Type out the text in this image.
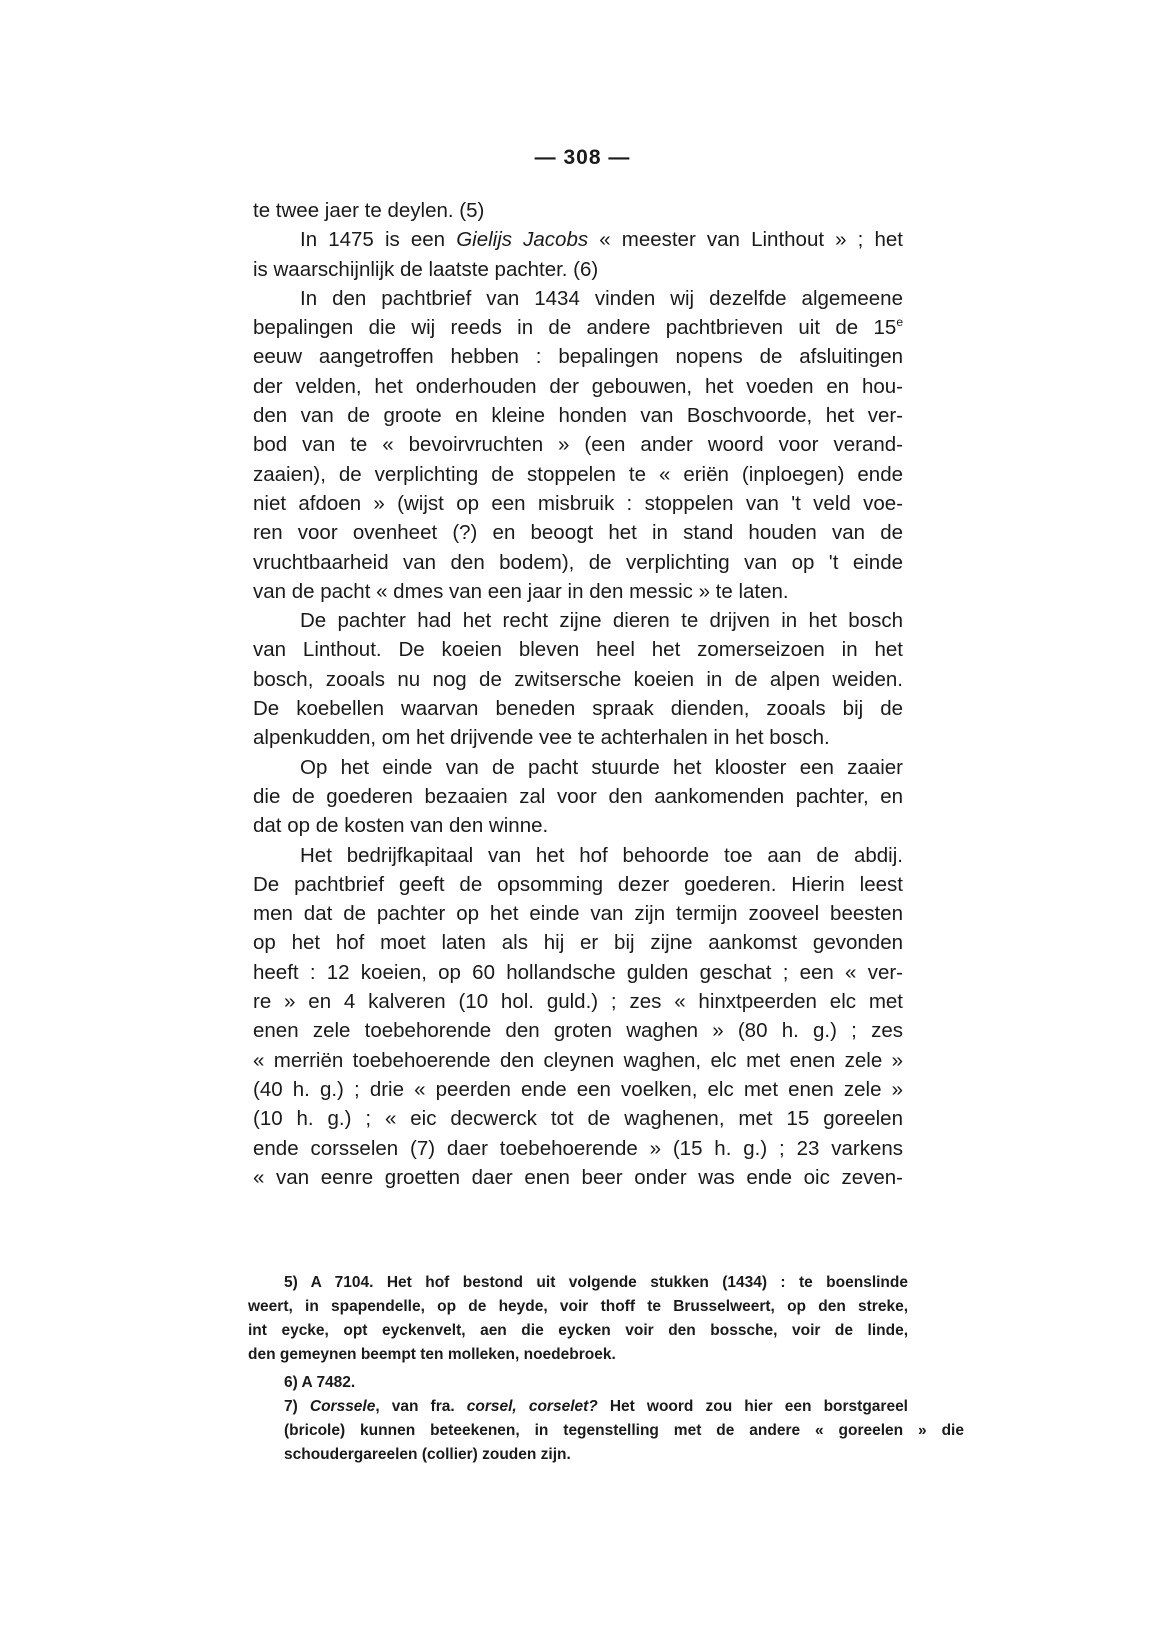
— 308 —
te twee jaer te deylen. (5)
In 1475 is een Gielijs Jacobs « meester van Linthout » ; het
is waarschijnlijk de laatste pachter. (6)
In den pachtbrief van 1434 vinden wij dezelfde algemeene
bepalingen die wij reeds in de andere pachtbrieven uit de 15e
eeuw aangetroffen hebben : bepalingen nopens de afsluitingen
der velden, het onderhouden der gebouwen, het voeden en hou-
den van de groote en kleine honden van Boschvoorde, het ver-
bod van te « bevoirvruchten » (een ander woord voor verand-
zaaien), de verplichting de stoppelen te « eriën (inploegen) ende
niet afdoen » (wijst op een misbruik : stoppelen van 't veld voe-
ren voor ovenheet (?) en beoogt het in stand houden van de
vruchtbaarheid van den bodem), de verplichting van op 't einde
van de pacht « dmes van een jaar in den messic » te laten.
De pachter had het recht zijne dieren te drijven in het bosch
van Linthout. De koeien bleven heel het zomerseizoen in het
bosch, zooals nu nog de zwitsersche koeien in de alpen weiden.
De koebellen waarvan beneden spraak dienden, zooals bij de
alpenkudden, om het drijvende vee te achterhalen in het bosch.
Op het einde van de pacht stuurde het klooster een zaaier
die de goederen bezaaien zal voor den aankomenden pachter, en
dat op de kosten van den winne.
Het bedrijfkapitaal van het hof behoorde toe aan de abdij.
De pachtbrief geeft de opsomming dezer goederen. Hierin leest
men dat de pachter op het einde van zijn termijn zooveel beesten
op het hof moet laten als hij er bij zijne aankomst gevonden
heeft : 12 koeien, op 60 hollandsche gulden geschat ; een « ver-
re » en 4 kalveren (10 hol. guld.) ; zes « hinxtpeerden elc met
enen zele toebehorende den groten waghen » (80 h. g.) ; zes
« merriën toebehoerende den cleynen waghen, elc met enen zele »
(40 h. g.) ; drie « peerden ende een voelken, elc met enen zele »
(10 h. g.) ; « eic decwerck tot de waghenen, met 15 goreelen
ende corsselen (7) daer toebehoerende » (15 h. g.) ; 23 varkens
« van eenre groetten daer enen beer onder was ende oic zeven-
5) A 7104. Het hof bestond uit volgende stukken (1434) : te boenslinde
weert, in spapendelle, op de heyde, voir thoff te Brusselweert, op den streke,
int eycke, opt eyckenvelt, aen die eycken voir den bossche, voir de linde,
den gemeynen beempt ten molleken, noedebroek.
6) A 7482.
7) Corssele, van fra. corsel, corselet? Het woord zou hier een borstgareel
(bricole) kunnen beteekenen, in tegenstelling met de andere « goreelen » die
schoudergareelen (collier) zouden zijn.
